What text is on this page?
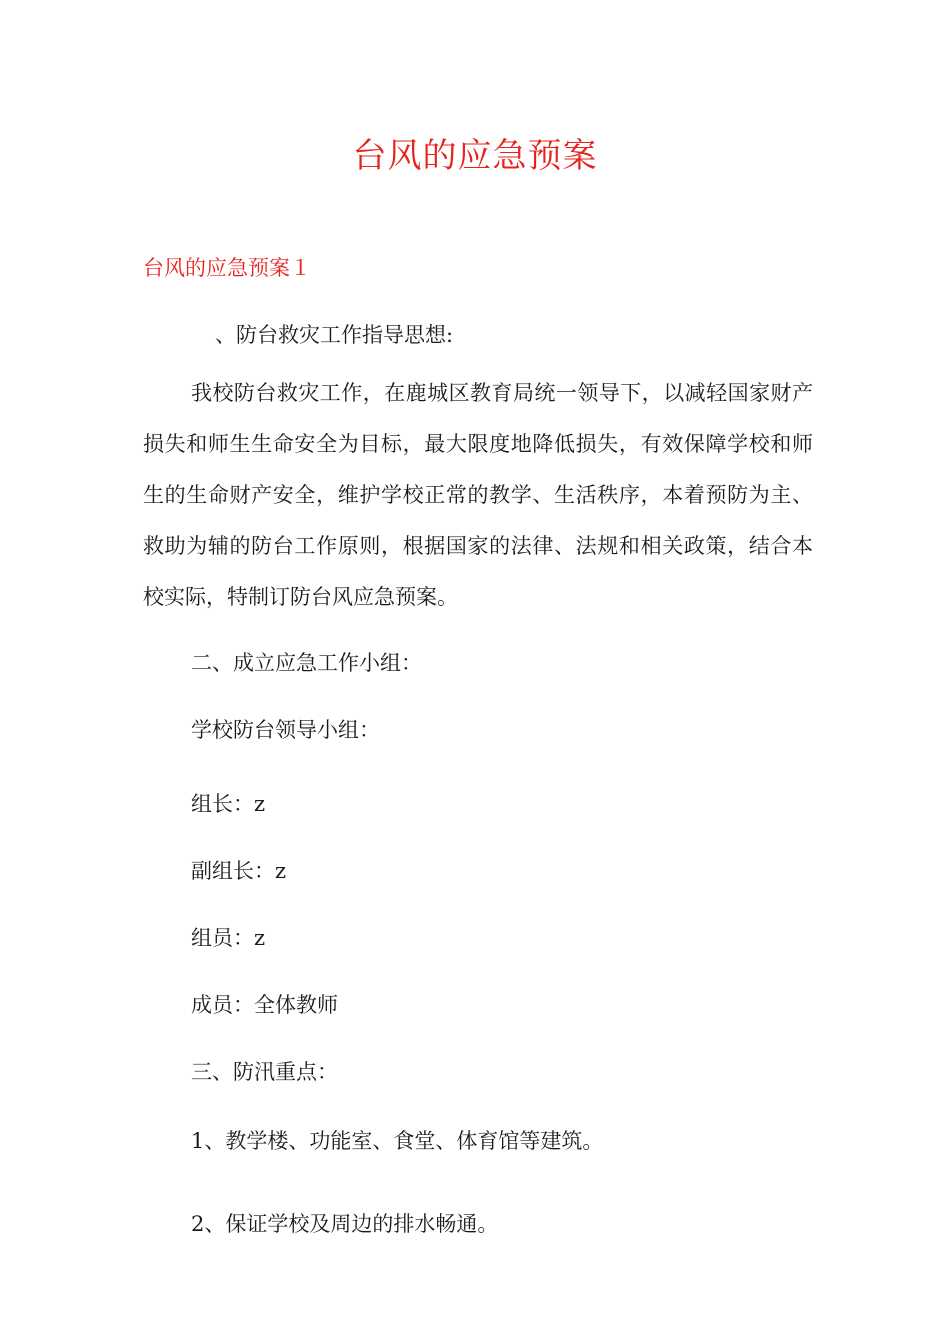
台风的应急预案
台风的应急预案１

、防台救灾工作指导思想:

我校防台救灾工作，在鹿城区教育局统一领导下，以减轻国家财产损失和师生生命安全为目标，最大限度地降低损失，有效保障学校和师生的生命财产安全，维护学校正常的教学、生活秩序，本着预防为主、救助为辅的防台工作原则，根据国家的法律、法规和相关政策，结合本校实际，特制订防台风应急预案。

二、成立应急工作小组：

学校防台领导小组：

组长：z

副组长：z

组员：z

成员：全体教师

三、防汛重点：

1、教学楼、功能室、食堂、体育馆等建筑。

2、保证学校及周边的排水畅通。
